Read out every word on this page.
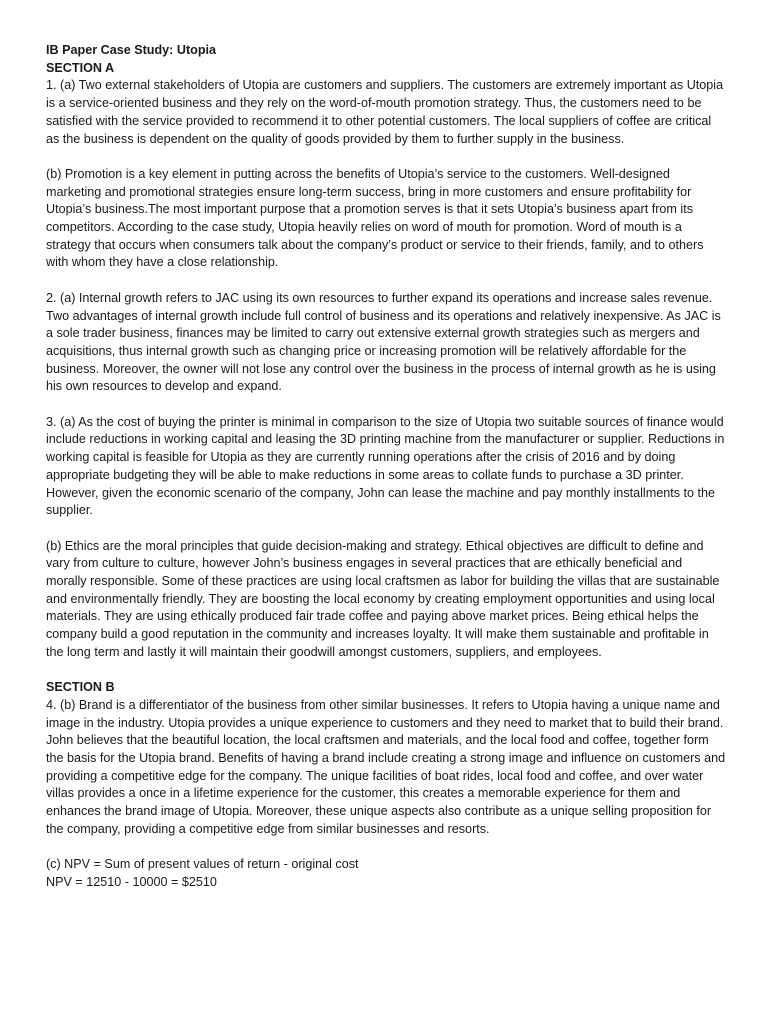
IB Paper Case Study: Utopia

SECTION A

1. (a) Two external stakeholders of Utopia are customers and suppliers. The customers are extremely important as Utopia is a service-oriented business and they rely on the word-of-mouth promotion strategy. Thus, the customers need to be satisfied with the service provided to recommend it to other potential customers. The local suppliers of coffee are critical as the business is dependent on the quality of goods provided by them to further supply in the business.

(b) Promotion is a key element in putting across the benefits of Utopia’s service to the customers. Well-designed marketing and promotional strategies ensure long-term success, bring in more customers and ensure profitability for Utopia’s business.The most important purpose that a promotion serves is that it sets Utopia’s business apart from its competitors. According to the case study, Utopia heavily relies on word of mouth for promotion. Word of mouth is a strategy that occurs when consumers talk about the company’s product or service to their friends, family, and to others with whom they have a close relationship.

2. (a) Internal growth refers to JAC using its own resources to further expand its operations and increase sales revenue. Two advantages of internal growth include full control of business and its operations and relatively inexpensive. As JAC is a sole trader business, finances may be limited to carry out extensive external growth strategies such as mergers and acquisitions, thus internal growth such as changing price or increasing promotion will be relatively affordable for the business. Moreover, the owner will not lose any control over the business in the process of internal growth as he is using his own resources to develop and expand.

3. (a) As the cost of buying the printer is minimal in comparison to the size of Utopia two suitable sources of finance would include reductions in working capital and leasing the 3D printing machine from the manufacturer or supplier. Reductions in working capital is feasible for Utopia as they are currently running operations after the crisis of 2016 and by doing appropriate budgeting they will be able to make reductions in some areas to collate funds to purchase a 3D printer. However, given the economic scenario of the company, John can lease the machine and pay monthly installments to the supplier.

(b) Ethics are the moral principles that guide decision-making and strategy. Ethical objectives are difficult to define and vary from culture to culture, however John’s business engages in several practices that are ethically beneficial and morally responsible. Some of these practices are using local craftsmen as labor for building the villas that are sustainable and environmentally friendly. They are boosting the local economy by creating employment opportunities and using local materials. They are using ethically produced fair trade coffee and paying above market prices. Being ethical helps the company build a good reputation in the community and increases loyalty. It will make them sustainable and profitable in the long term and lastly it will maintain their goodwill amongst customers, suppliers, and employees.

SECTION B

4. (b) Brand is a differentiator of the business from other similar businesses. It refers to Utopia having a unique name and image in the industry. Utopia provides a unique experience to customers and they need to market that to build their brand. John believes that the beautiful location, the local craftsmen and materials, and the local food and coffee, together form the basis for the Utopia brand. Benefits of having a brand include creating a strong image and influence on customers and providing a competitive edge for the company. The unique facilities of boat rides, local food and coffee, and over water villas provides a once in a lifetime experience for the customer, this creates a memorable experience for them and enhances the brand image of Utopia. Moreover, these unique aspects also contribute as a unique selling proposition for the company, providing a competitive edge from similar businesses and resorts.

(c) NPV = Sum of present values of return - original cost

NPV = 12510 - 10000 = $2510
